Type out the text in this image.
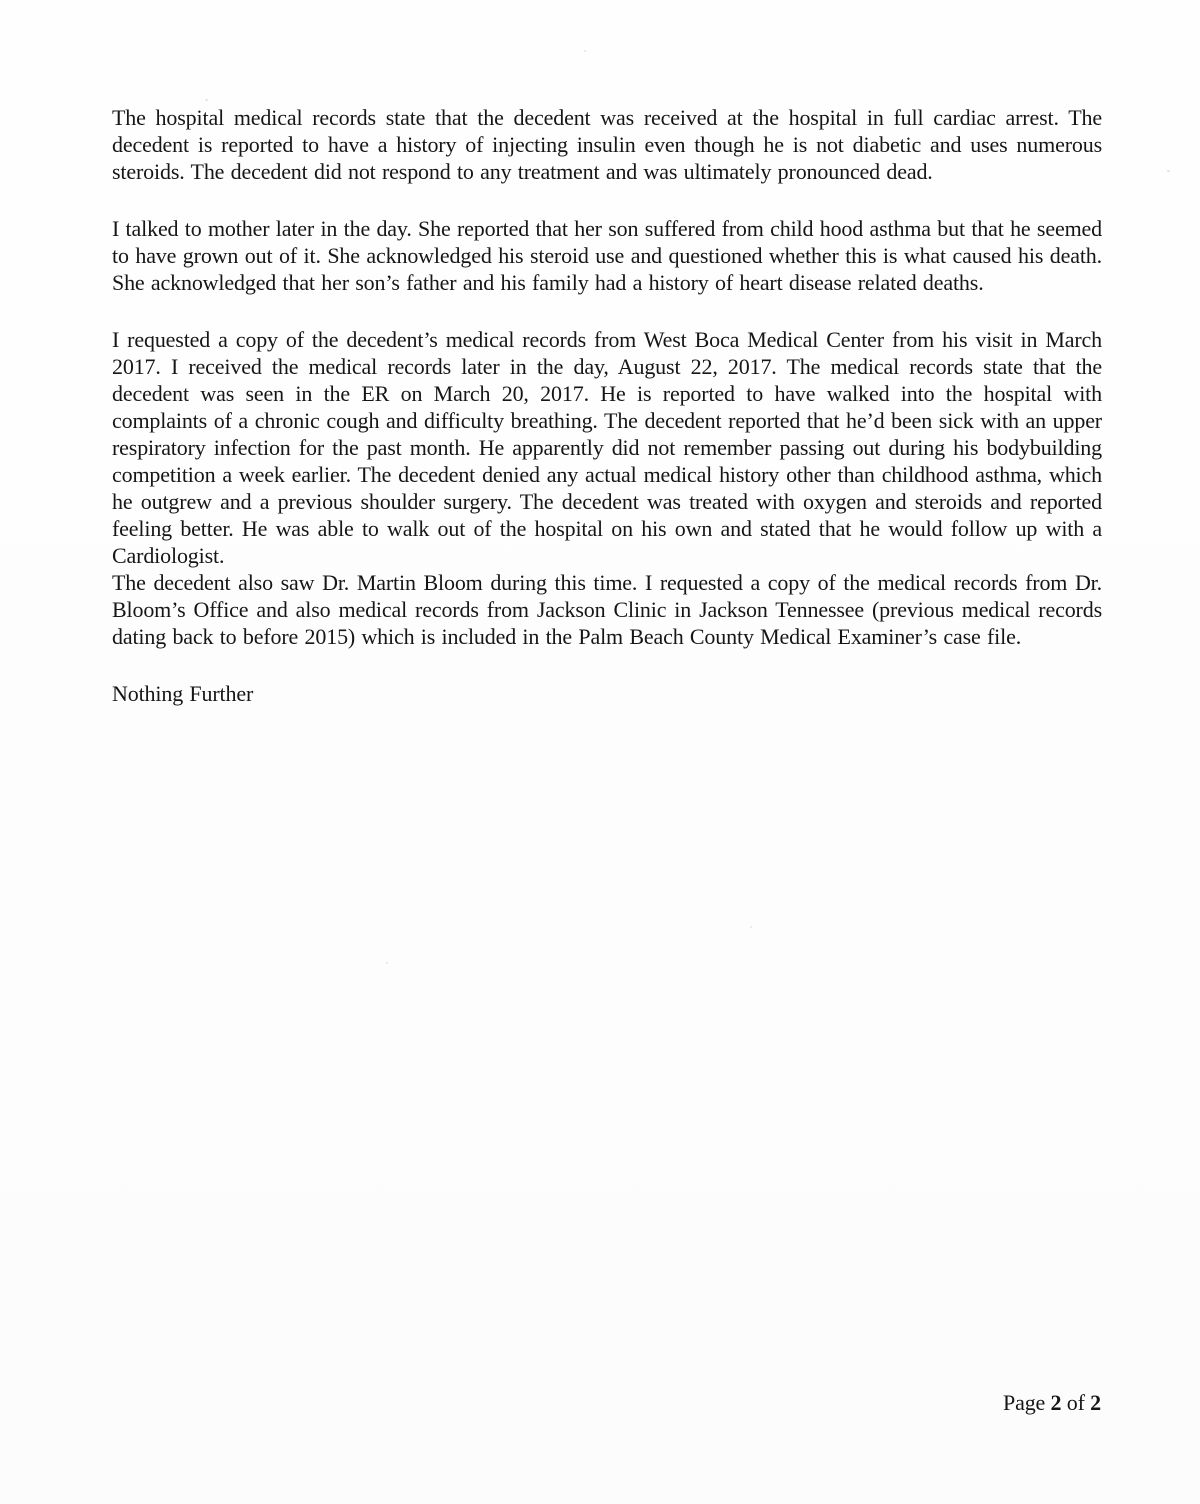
The hospital medical records state that the decedent was received at the hospital in full cardiac arrest. The decedent is reported to have a history of injecting insulin even though he is not diabetic and uses numerous steroids. The decedent did not respond to any treatment and was ultimately pronounced dead.

I talked to mother later in the day. She reported that her son suffered from child hood asthma but that he seemed to have grown out of it. She acknowledged his steroid use and questioned whether this is what caused his death. She acknowledged that her son’s father and his family had a history of heart disease related deaths.

I requested a copy of the decedent’s medical records from West Boca Medical Center from his visit in March 2017. I received the medical records later in the day, August 22, 2017. The medical records state that the decedent was seen in the ER on March 20, 2017. He is reported to have walked into the hospital with complaints of a chronic cough and difficulty breathing. The decedent reported that he’d been sick with an upper respiratory infection for the past month. He apparently did not remember passing out during his bodybuilding competition a week earlier. The decedent denied any actual medical history other than childhood asthma, which he outgrew and a previous shoulder surgery. The decedent was treated with oxygen and steroids and reported feeling better. He was able to walk out of the hospital on his own and stated that he would follow up with a Cardiologist.

The decedent also saw Dr. Martin Bloom during this time. I requested a copy of the medical records from Dr. Bloom’s Office and also medical records from Jackson Clinic in Jackson Tennessee (previous medical records dating back to before 2015) which is included in the Palm Beach County Medical Examiner’s case file.

Nothing Further

Page 2 of 2
